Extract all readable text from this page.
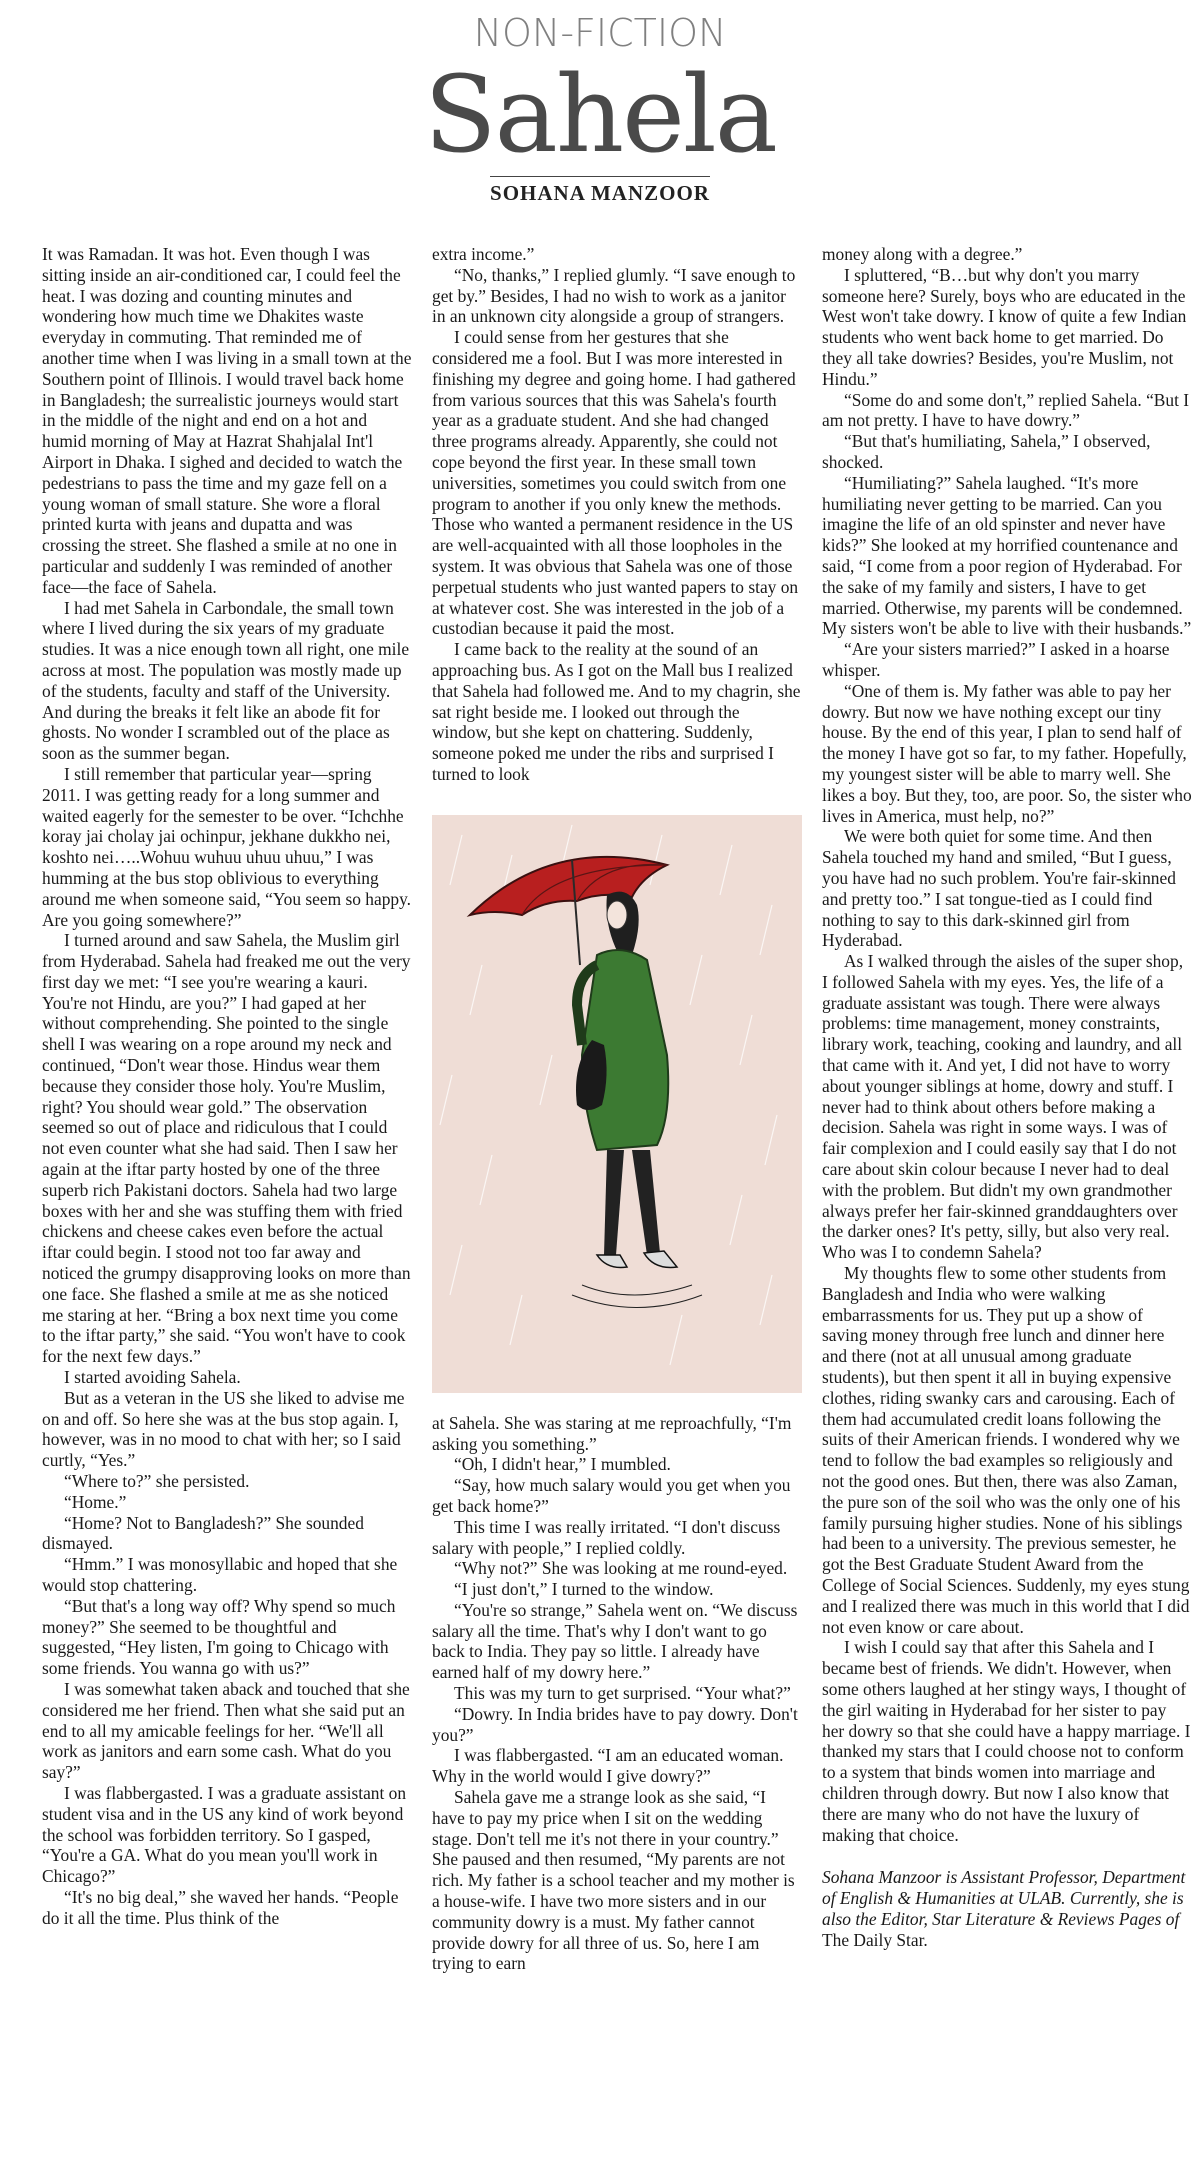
NON-FICTION
Sahela
SOHANA MANZOOR

It was Ramadan. It was hot. Even though I was sitting inside an air-conditioned car, I could feel the heat. I was dozing and counting minutes and wondering how much time we Dhakites waste everyday in commuting. That reminded me of another time when I was living in a small town at the Southern point of Illinois. I would travel back home in Bangladesh; the surrealistic journeys would start in the middle of the night and end on a hot and humid morning of May at Hazrat Shahjalal Int'l Airport in Dhaka. I sighed and decided to watch the pedestrians to pass the time and my gaze fell on a young woman of small stature. She wore a floral printed kurta with jeans and dupatta and was crossing the street. She flashed a smile at no one in particular and suddenly I was reminded of another face—the face of Sahela.

I had met Sahela in Carbondale, the small town where I lived during the six years of my graduate studies. It was a nice enough town all right, one mile across at most. The population was mostly made up of the students, faculty and staff of the University. And during the breaks it felt like an abode fit for ghosts. No wonder I scrambled out of the place as soon as the summer began.

I still remember that particular year—spring 2011. I was getting ready for a long summer and waited eagerly for the semester to be over. “Ichchhe koray jai cholay jai ochinpur, jekhane dukkho nei, koshto nei…..Wohuu wuhuu uhuu uhuu,” I was humming at the bus stop oblivious to everything around me when someone said, “You seem so happy. Are you going somewhere?”

I turned around and saw Sahela, the Muslim girl from Hyderabad. Sahela had freaked me out the very first day we met: “I see you're wearing a kauri. You're not Hindu, are you?” I had gaped at her without comprehending. She pointed to the single shell I was wearing on a rope around my neck and continued, “Don't wear those. Hindus wear them because they consider those holy. You're Muslim, right? You should wear gold.” The observation seemed so out of place and ridiculous that I could not even counter what she had said. Then I saw her again at the iftar party hosted by one of the three superb rich Pakistani doctors. Sahela had two large boxes with her and she was stuffing them with fried chickens and cheese cakes even before the actual iftar could begin. I stood not too far away and noticed the grumpy disapproving looks on more than one face. She flashed a smile at me as she noticed me staring at her. “Bring a box next time you come to the iftar party,” she said. “You won't have to cook for the next few days.”

I started avoiding Sahela.

But as a veteran in the US she liked to advise me on and off. So here she was at the bus stop again. I, however, was in no mood to chat with her; so I said curtly, “Yes.”

“Where to?” she persisted.

“Home.”

“Home? Not to Bangladesh?” She sounded dismayed.

“Hmm.” I was monosyllabic and hoped that she would stop chattering.

“But that's a long way off? Why spend so much money?” She seemed to be thoughtful and suggested, “Hey listen, I'm going to Chicago with some friends. You wanna go with us?”

I was somewhat taken aback and touched that she considered me her friend. Then what she said put an end to all my amicable feelings for her. “We'll all work as janitors and earn some cash. What do you say?”

I was flabbergasted. I was a graduate assistant on student visa and in the US any kind of work beyond the school was forbidden territory. So I gasped, “You're a GA. What do you mean you'll work in Chicago?”

“It's no big deal,” she waved her hands. “People do it all the time. Plus think of the

extra income.”

“No, thanks,” I replied glumly. “I save enough to get by.” Besides, I had no wish to work as a janitor in an unknown city alongside a group of strangers.

I could sense from her gestures that she considered me a fool. But I was more interested in finishing my degree and going home. I had gathered from various sources that this was Sahela's fourth year as a graduate student. And she had changed three programs already. Apparently, she could not cope beyond the first year. In these small town universities, sometimes you could switch from one program to another if you only knew the methods. Those who wanted a permanent residence in the US are well-acquainted with all those loopholes in the system. It was obvious that Sahela was one of those perpetual students who just wanted papers to stay on at whatever cost. She was interested in the job of a custodian because it paid the most.

I came back to the reality at the sound of an approaching bus. As I got on the Mall bus I realized that Sahela had followed me. And to my chagrin, she sat right beside me. I looked out through the window, but she kept on chattering. Suddenly, someone poked me under the ribs and surprised I turned to look

at Sahela. She was staring at me reproachfully, “I'm asking you something.”

“Oh, I didn't hear,” I mumbled.

“Say, how much salary would you get when you get back home?”

This time I was really irritated. “I don't discuss salary with people,” I replied coldly.

“Why not?” She was looking at me round-eyed.

“I just don't,” I turned to the window.

“You're so strange,” Sahela went on. “We discuss salary all the time. That's why I don't want to go back to India. They pay so little. I already have earned half of my dowry here.”

This was my turn to get surprised. “Your what?”

“Dowry. In India brides have to pay dowry. Don't you?”

I was flabbergasted. “I am an educated woman. Why in the world would I give dowry?”

Sahela gave me a strange look as she said, “I have to pay my price when I sit on the wedding stage. Don't tell me it's not there in your country.” She paused and then resumed, “My parents are not rich. My father is a school teacher and my mother is a house-wife. I have two more sisters and in our community dowry is a must. My father cannot provide dowry for all three of us. So, here I am trying to earn

money along with a degree.”

I spluttered, “B…but why don't you marry someone here? Surely, boys who are educated in the West won't take dowry. I know of quite a few Indian students who went back home to get married. Do they all take dowries? Besides, you're Muslim, not Hindu.”

“Some do and some don't,” replied Sahela. “But I am not pretty. I have to have dowry.”

“But that's humiliating, Sahela,” I observed, shocked.

“Humiliating?” Sahela laughed. “It's more humiliating never getting to be married. Can you imagine the life of an old spinster and never have kids?” She looked at my horrified countenance and said, “I come from a poor region of Hyderabad. For the sake of my family and sisters, I have to get married. Otherwise, my parents will be condemned. My sisters won't be able to live with their husbands.”

“Are your sisters married?” I asked in a hoarse whisper.

“One of them is. My father was able to pay her dowry. But now we have nothing except our tiny house. By the end of this year, I plan to send half of the money I have got so far, to my father. Hopefully, my youngest sister will be able to marry well. She likes a boy. But they, too, are poor. So, the sister who lives in America, must help, no?”

We were both quiet for some time. And then Sahela touched my hand and smiled, “But I guess, you have had no such problem. You're fair-skinned and pretty too.” I sat tongue-tied as I could find nothing to say to this dark-skinned girl from Hyderabad.

As I walked through the aisles of the super shop, I followed Sahela with my eyes. Yes, the life of a graduate assistant was tough. There were always problems: time management, money constraints, library work, teaching, cooking and laundry, and all that came with it. And yet, I did not have to worry about younger siblings at home, dowry and stuff. I never had to think about others before making a decision. Sahela was right in some ways. I was of fair complexion and I could easily say that I do not care about skin colour because I never had to deal with the problem. But didn't my own grandmother always prefer her fair-skinned granddaughters over the darker ones? It's petty, silly, but also very real. Who was I to condemn Sahela?

My thoughts flew to some other students from Bangladesh and India who were walking embarrassments for us. They put up a show of saving money through free lunch and dinner here and there (not at all unusual among graduate students), but then spent it all in buying expensive clothes, riding swanky cars and carousing. Each of them had accumulated credit loans following the suits of their American friends. I wondered why we tend to follow the bad examples so religiously and not the good ones. But then, there was also Zaman, the pure son of the soil who was the only one of his family pursuing higher studies. None of his siblings had been to a university. The previous semester, he got the Best Graduate Student Award from the College of Social Sciences. Suddenly, my eyes stung and I realized there was much in this world that I did not even know or care about.

I wish I could say that after this Sahela and I became best of friends. We didn't. However, when some others laughed at her stingy ways, I thought of the girl waiting in Hyderabad for her sister to pay her dowry so that she could have a happy marriage. I thanked my stars that I could choose not to conform to a system that binds women into marriage and children through dowry. But now I also know that there are many who do not have the luxury of making that choice.

Sohana Manzoor is Assistant Professor, Department of English & Humanities at ULAB. Currently, she is also the Editor, Star Literature & Reviews Pages of The Daily Star.
